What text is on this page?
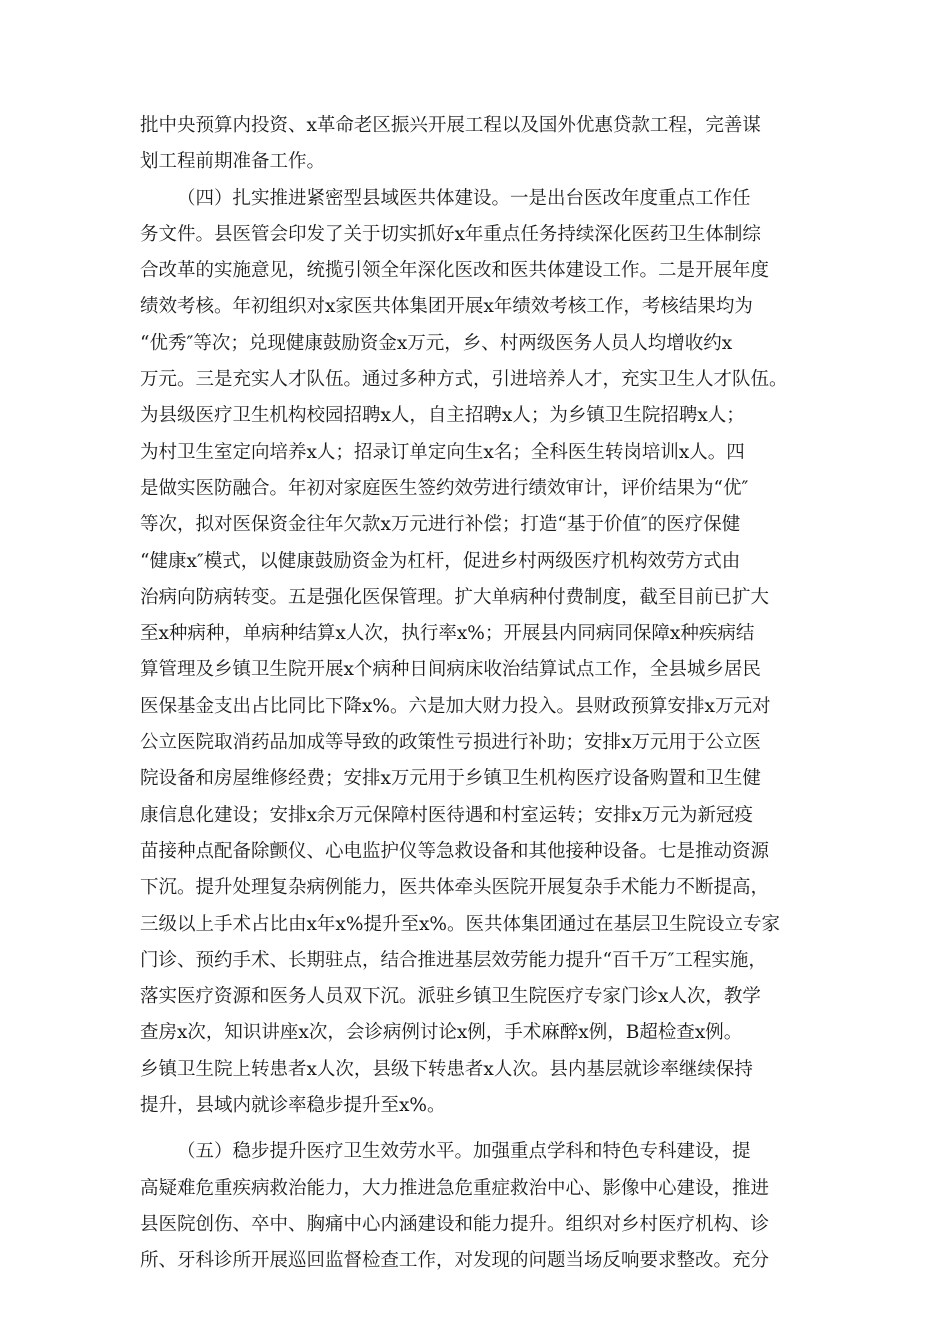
批中央预算内投资、x革命老区振兴开展工程以及国外优惠贷款工程，完善谋
划工程前期准备工作。
（四）扎实推进紧密型县域医共体建设。一是出台医改年度重点工作任
务文件。县医管会印发了关于切实抓好x年重点任务持续深化医药卫生体制综
合改革的实施意见，统揽引领全年深化医改和医共体建设工作。二是开展年度
绩效考核。年初组织对x家医共体集团开展x年绩效考核工作，考核结果均为
“优秀″等次；兑现健康鼓励资金x万元，乡、村两级医务人员人均增收约x
万元。三是充实人才队伍。通过多种方式，引进培养人才，充实卫生人才队伍。
为县级医疗卫生机构校园招聘x人，自主招聘x人；为乡镇卫生院招聘x人；
为村卫生室定向培养x人；招录订单定向生x名；全科医生转岗培训x人。四
是做实医防融合。年初对家庭医生签约效劳进行绩效审计，评价结果为“优″
等次，拟对医保资金往年欠款x万元进行补偿；打造“基于价值″的医疗保健
“健康x″模式，以健康鼓励资金为杠杆，促进乡村两级医疗机构效劳方式由
治病向防病转变。五是强化医保管理。扩大单病种付费制度，截至目前已扩大
至x种病种，单病种结算x人次，执行率x%；开展县内同病同保障x种疾病结
算管理及乡镇卫生院开展x个病种日间病床收治结算试点工作，全县城乡居民
医保基金支出占比同比下降x%。六是加大财力投入。县财政预算安排x万元对
公立医院取消药品加成等导致的政策性亏损进行补助；安排x万元用于公立医
院设备和房屋维修经费；安排x万元用于乡镇卫生机构医疗设备购置和卫生健
康信息化建设；安排x余万元保障村医待遇和村室运转；安排x万元为新冠疫
苗接种点配备除颤仪、心电监护仪等急救设备和其他接种设备。七是推动资源
下沉。提升处理复杂病例能力，医共体牵头医院开展复杂手术能力不断提高，
三级以上手术占比由x年x%提升至x%。医共体集团通过在基层卫生院设立专家
门诊、预约手术、长期驻点，结合推进基层效劳能力提升“百千万″工程实施，
落实医疗资源和医务人员双下沉。派驻乡镇卫生院医疗专家门诊x人次，教学
查房x次，知识讲座x次，会诊病例讨论x例，手术麻醉x例，B超检查x例。
乡镇卫生院上转患者x人次，县级下转患者x人次。县内基层就诊率继续保持
提升，县域内就诊率稳步提升至x%。
（五）稳步提升医疗卫生效劳水平。加强重点学科和特色专科建设，提
高疑难危重疾病救治能力，大力推进急危重症救治中心、影像中心建设，推进
县医院创伤、卒中、胸痛中心内涵建设和能力提升。组织对乡村医疗机构、诊
所、牙科诊所开展巡回监督检查工作，对发现的问题当场反响要求整改。充分
